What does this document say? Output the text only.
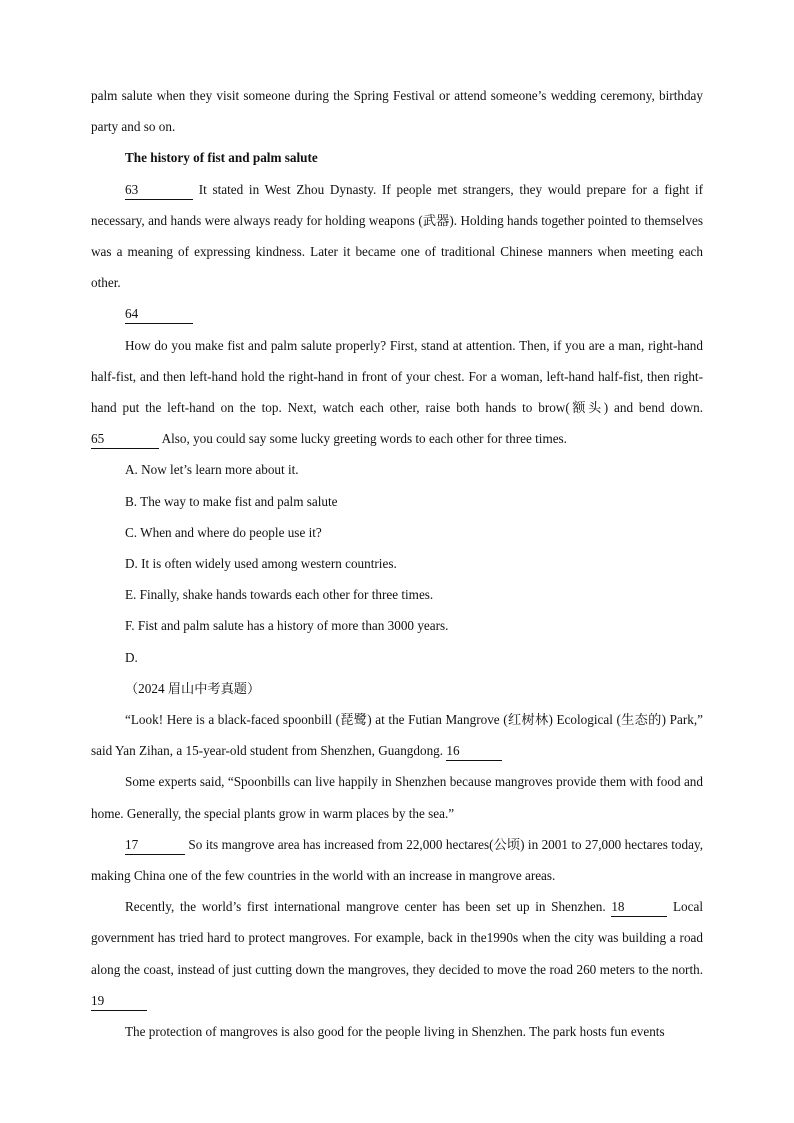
palm salute when they visit someone during the Spring Festival or attend someone’s wedding ceremony, birthday party and so on.

The history of fist and palm salute

63	It stated in West Zhou Dynasty. If people met strangers, they would prepare for a fight if necessary, and hands were always ready for holding weapons (武器). Holding hands together pointed to themselves was a meaning of expressing kindness. Later it became one of traditional Chinese manners when meeting each other.

64

How do you make fist and palm salute properly? First, stand at attention. Then, if you are a man, right-hand half-fist, and then left-hand hold the right-hand in front of your chest. For a woman, left-hand half-fist, then right-hand put the left-hand on the top. Next, watch each other, raise both hands to brow(额头) and bend down. 65	Also, you could say some lucky greeting words to each other for three times.

A. Now let’s learn more about it.

B. The way to make fist and palm salute

C. When and where do people use it?

D. It is often widely used among western countries.

E. Finally, shake hands towards each other for three times.

F. Fist and palm salute has a history of more than 3000 years.

D.

（2024 眉山中考真题）

“Look! Here is a black-faced spoonbill (琵鹭) at the Futian Mangrove (红树林) Ecological (生态的) Park,” said Yan Zihan, a 15-year-old student from Shenzhen, Guangdong. 16

Some experts said, “Spoonbills can live happily in Shenzhen because mangroves provide them with food and home. Generally, the special plants grow in warm places by the sea.”

17	So its mangrove area has increased from 22,000 hectares(公顷) in 2001 to 27,000 hectares today, making China one of the few countries in the world with an increase in mangrove areas.

Recently, the world’s first international mangrove center has been set up in Shenzhen. 18	Local government has tried hard to protect mangroves. For example, back in the1990s when the city was building a road along the coast, instead of just cutting down the mangroves, they decided to move the road 260 meters to the north. 19

The protection of mangroves is also good for the people living in Shenzhen. The park hosts fun events
